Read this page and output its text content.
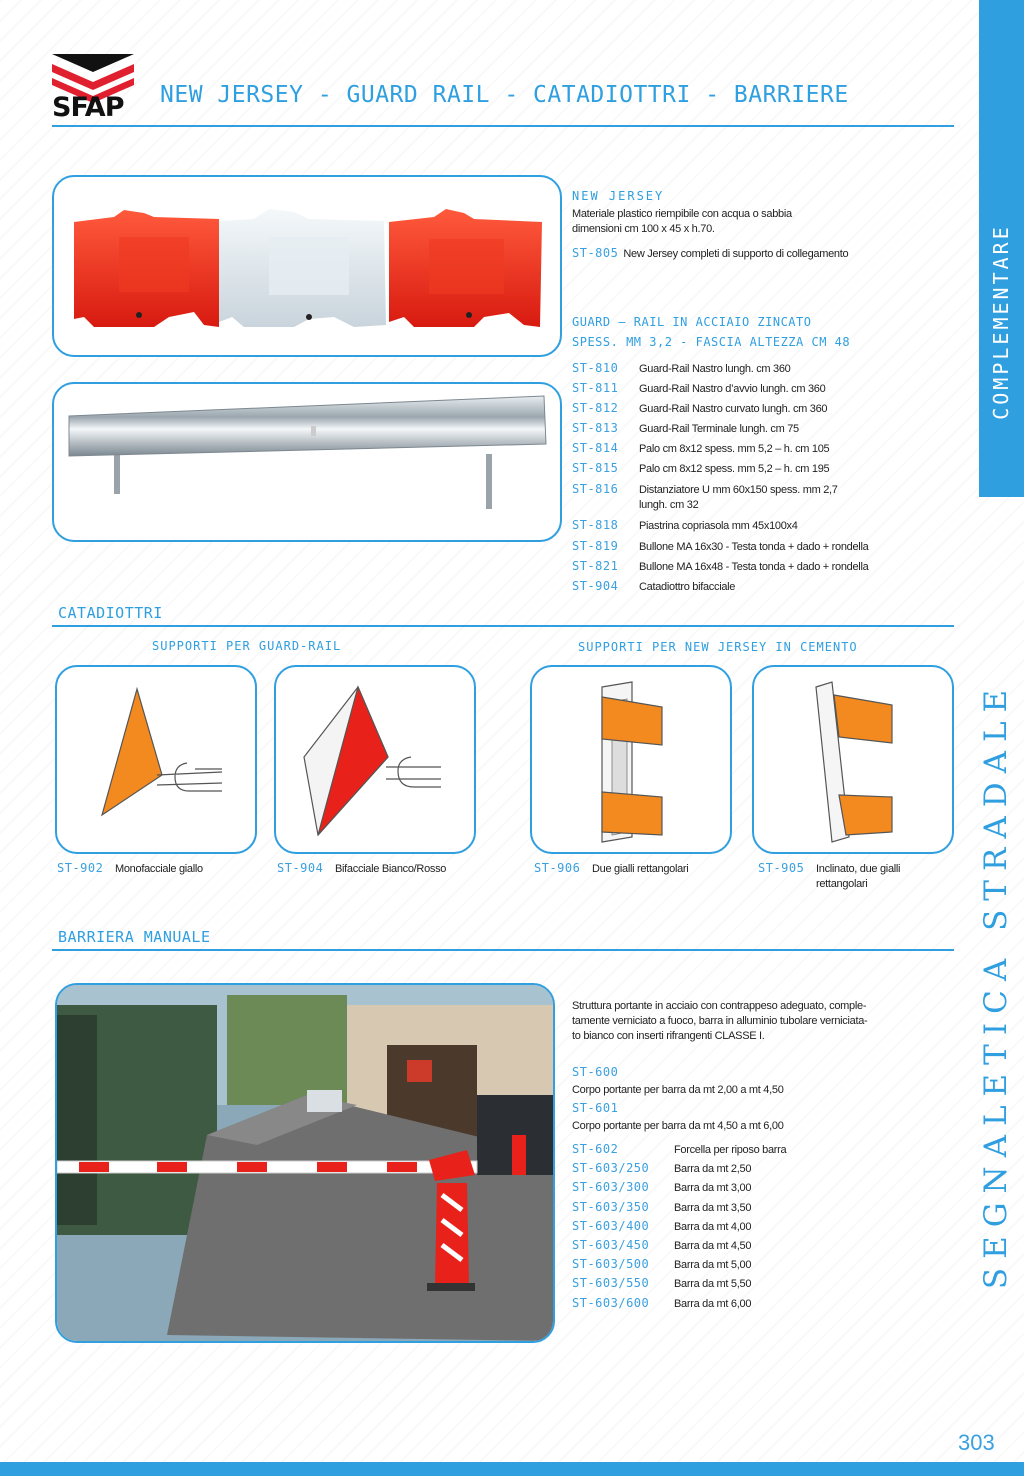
SFAP NEW JERSEY - GUARD RAIL - CATADIOTTRI - BARRIERE
COMPLEMENTARE
SEGNALETICA STRADALE
NEW JERSEY
Materiale plastico riempibile con acqua o sabbia
dimensioni cm 100 x 45 x h.70.
ST-805 New Jersey completi di supporto di collegamento
GUARD – RAIL IN ACCIAIO ZINCATO
SPESS. MM 3,2 - FASCIA ALTEZZA CM 48
ST-810	Guard-Rail Nastro lungh. cm 360
ST-811	Guard-Rail Nastro d’avvio lungh. cm 360
ST-812	Guard-Rail Nastro curvato lungh. cm 360
ST-813	Guard-Rail Terminale lungh. cm 75
ST-814	Palo cm 8x12 spess. mm 5,2 – h. cm 105
ST-815	Palo cm 8x12 spess. mm 5,2 – h. cm 195
ST-816	Distanziatore U mm 60x150 spess. mm 2,7
lungh. cm 32
ST-818	Piastrina copriasola mm 45x100x4
ST-819	Bullone MA 16x30 - Testa tonda + dado + rondella
ST-821	Bullone MA 16x48 - Testa tonda + dado + rondella
ST-904	Catadiottro bifacciale
CATADIOTTRI
SUPPORTI PER GUARD-RAIL	SUPPORTI PER NEW JERSEY IN CEMENTO
ST-902	Monofacciale giallo	ST-904	Bifacciale Bianco/Rosso	ST-906	Due gialli rettangolari	ST-905	Inclinato, due gialli
rettangolari
BARRIERA MANUALE
Struttura portante in acciaio con contrappeso adeguato, comple-
tamente verniciato a fuoco, barra in alluminio tubolare verniciata-
to bianco con inserti rifrangenti CLASSE I.
ST-600
Corpo portante per barra da mt 2,00 a mt 4,50
ST-601
Corpo portante per barra da mt 4,50 a mt 6,00
ST-602	Forcella per riposo barra
ST-603/250	Barra da mt 2,50
ST-603/300	Barra da mt 3,00
ST-603/350	Barra da mt 3,50
ST-603/400	Barra da mt 4,00
ST-603/450	Barra da mt 4,50
ST-603/500	Barra da mt 5,00
ST-603/550	Barra da mt 5,50
ST-603/600	Barra da mt 6,00
303
